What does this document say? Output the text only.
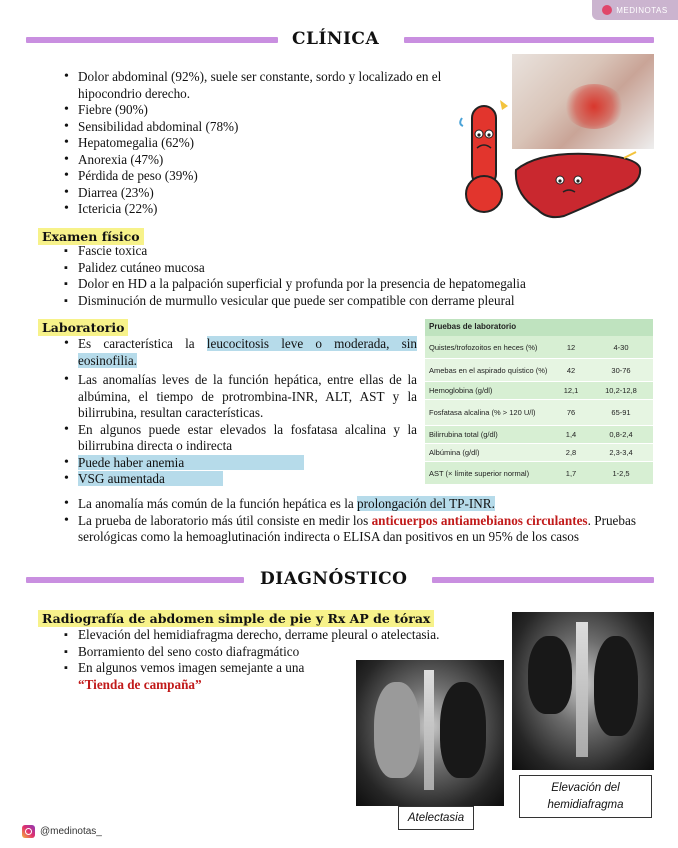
MEDINOTAS
CLÍNICA
• Dolor abdominal (92%), suele ser constante, sordo y localizado en el hipocondrio derecho.
• Fiebre (90%)
• Sensibilidad abdominal (78%)
• Hepatomegalia (62%)
• Anorexia (47%)
• Pérdida de peso (39%)
• Diarrea (23%)
• Ictericia (22%)
Examen físico
▪ Fascie toxica
▪ Palidez cutáneo mucosa
▪ Dolor en HD a la palpación superficial y profunda por la presencia de hepatomegalia
▪ Disminución de murmullo vesicular que puede ser compatible con derrame pleural
Laboratorio
• Es característica la leucocitosis leve o moderada, sin eosinofilia.
• Las anomalías leves de la función hepática, entre ellas de la albúmina, el tiempo de protrombina-INR, ALT, AST y la bilirrubina, resultan características.
• En algunos puede estar elevados la fosfatasa alcalina y la bilirrubina directa o indirecta
• Puede haber anemia
• VSG aumentada
• La anomalía más común de la función hepática es la prolongación del TP-INR.
• La prueba de laboratorio más útil consiste en medir los anticuerpos antiamebianos circulantes. Pruebas serológicas como la hemoaglutinación indirecta o ELISA dan positivos en un 95% de los casos
Pruebas de laboratorio
Quistes/trofozoitos en heces (%)	12	4-30
Amebas en el aspirado quístico (%)	42	30-76
Hemoglobina (g/dl)	12,1	10,2-12,8
Fosfatasa alcalina (% > 120 U/l)	76	65-91
Bilirrubina total (g/dl)	1,4	0,8-2,4
Albúmina (g/dl)	2,8	2,3-3,4
AST (× límite superior normal)	1,7	1-2,5
DIAGNÓSTICO
Radiografía de abdomen simple de pie y Rx AP de tórax
▪ Elevación del hemidiafragma derecho, derrame pleural o atelectasia.
▪ Borramiento del seno costo diafragmático
▪ En algunos vemos imagen semejante a una “Tienda de campaña”
Atelectasia
Elevación del hemidiafragma
@medinotas_
